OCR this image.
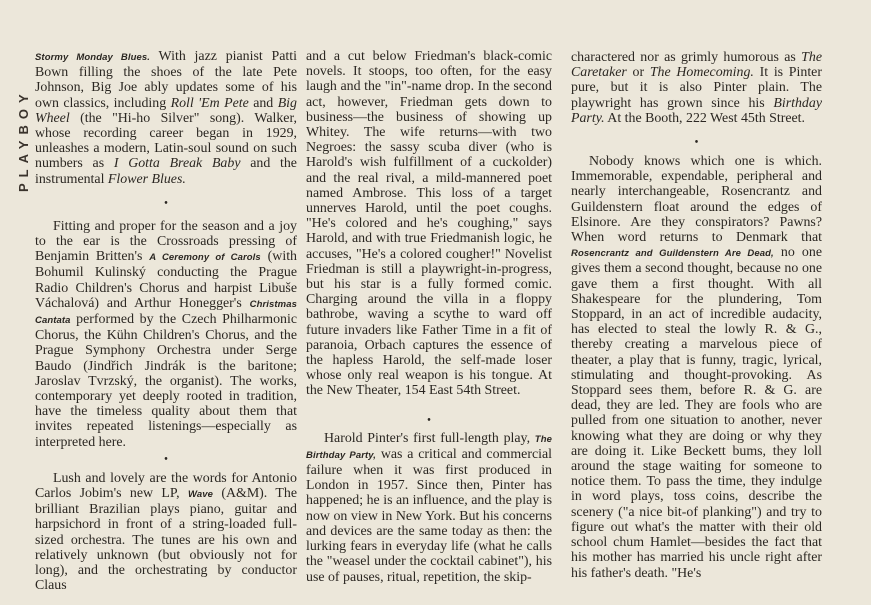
PLAYBOY

Stormy Monday Blues. With jazz pianist Patti Bown filling the shoes of the late Pete Johnson, Big Joe ably updates some of his own classics, including Roll 'Em Pete and Big Wheel (the "Hi-ho Silver" song). Walker, whose recording career began in 1929, unleashes a modern, Latin-soul sound on such numbers as I Gotta Break Baby and the instrumental Flower Blues.

•

Fitting and proper for the season and a joy to the ear is the Crossroads pressing of Benjamin Britten's A Ceremony of Carols (with Bohumil Kulinský conducting the Prague Radio Children's Chorus and harpist Libuše Váchalová) and Arthur Honegger's Christmas Cantata performed by the Czech Philharmonic Chorus, the Kühn Children's Chorus, and the Prague Symphony Orchestra under Serge Baudo (Jindřich Jindrák is the baritone; Jaroslav Tvrzský, the organist). The works, contemporary yet deeply rooted in tradition, have the timeless quality about them that invites repeated listenings—especially as interpreted here.

•

Lush and lovely are the words for Antonio Carlos Jobim's new LP, Wave (A&M). The brilliant Brazilian plays piano, guitar and harpsichord in front of a string-loaded full-sized orchestra. The tunes are his own and relatively unknown (but obviously not for long), and the orchestrating by conductor Claus

and a cut below Friedman's black-comic novels. It stoops, too often, for the easy laugh and the "in"-name drop. In the second act, however, Friedman gets down to business—the business of showing up Whitey. The wife returns—with two Negroes: the sassy scuba diver (who is Harold's wish fulfillment of a cuckolder) and the real rival, a mild-mannered poet named Ambrose. This loss of a target unnerves Harold, until the poet coughs. "He's colored and he's coughing," says Harold, and with true Friedmanish logic, he accuses, "He's a colored cougher!" Novelist Friedman is still a playwright-in-progress, but his star is a fully formed comic. Charging around the villa in a floppy bathrobe, waving a scythe to ward off future invaders like Father Time in a fit of paranoia, Orbach captures the essence of the hapless Harold, the self-made loser whose only real weapon is his tongue. At the New Theater, 154 East 54th Street.

•

Harold Pinter's first full-length play, The Birthday Party, was a critical and commercial failure when it was first produced in London in 1957. Since then, Pinter has happened; he is an influence, and the play is now on view in New York. But his concerns and devices are the same today as then: the lurking fears in everyday life (what he calls the "weasel under the cocktail cabinet"), his use of pauses, ritual, repetition, the skip-

charactered nor as grimly humorous as The Caretaker or The Homecoming. It is Pinter pure, but it is also Pinter plain. The playwright has grown since his Birthday Party. At the Booth, 222 West 45th Street.

•

Nobody knows which one is which. Immemorable, expendable, peripheral and nearly interchangeable, Rosencrantz and Guildenstern float around the edges of Elsinore. Are they conspirators? Pawns? When word returns to Denmark that Rosencrantz and Guildenstern Are Dead, no one gives them a second thought, because no one gave them a first thought. With all Shakespeare for the plundering, Tom Stoppard, in an act of incredible audacity, has elected to steal the lowly R. & G., thereby creating a marvelous piece of theater, a play that is funny, tragic, lyrical, stimulating and thought-provoking. As Stoppard sees them, before R. & G. are dead, they are led. They are fools who are pulled from one situation to another, never knowing what they are doing or why they are doing it. Like Beckett bums, they loll around the stage waiting for someone to notice them. To pass the time, they indulge in word plays, toss coins, describe the scenery ("a nice bit-of planking") and try to figure out what's the matter with their old school chum Hamlet—besides the fact that his mother has married his uncle right after his father's death. "He's
